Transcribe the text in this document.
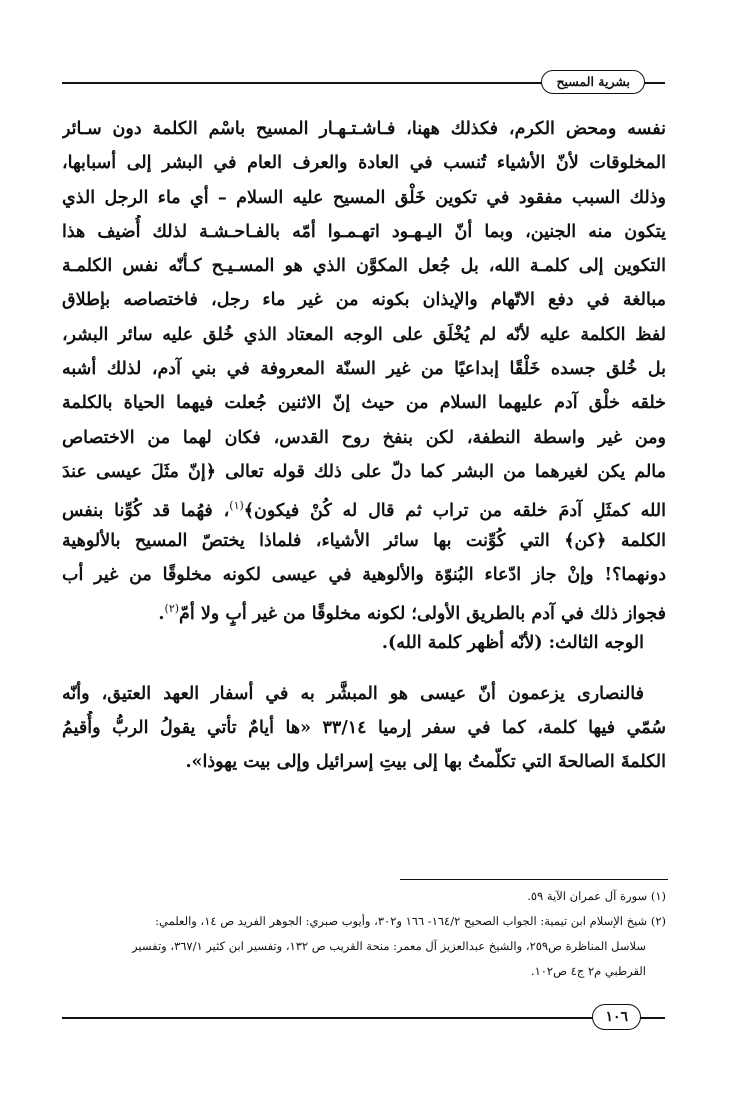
بشرية المسيح
نفسه ومحض الكرم، فكذلك ههنا، فـاشـتـهـار المسيح باسْم الكلمة دون سـائر
المخلوقات لأنّ الأشياء تُنسب في العادة والعرف العام في البشر إلى أسبابها،
وذلك السبب مفقود في تكوين خَلْق المسيح عليه السلام – أي ماء الرجل الذي
يتكون منه الجنين، وبما أنّ اليـهـود اتهـمـوا أمّه بالفـاحـشـة لذلك أُضيف هذا
التكوين إلى كلمـة الله، بل جُعل المكوَّن الذي هو المسـيـح كـأنّه نفس الكلمـة
مبالغة في دفع الاتّهام والإيذان بكونه من غير ماء رجل، فاختصاصه بإطلاق
لفظ الكلمة عليه لأنّه لم يُخْلَق على الوجه المعتاد الذي خُلق عليه سائر البشر،
بل خُلق جسده خَلْقًا إبداعيًا من غير السنّة المعروفة في بني آدم، لذلك أشبه
خلقه خلْق آدم عليهما السلام من حيث إنّ الاثنين جُعلت فيهما الحياة بالكلمة
ومن غير واسطة النطفة، لكن بنفخ روح القدس، فكان لهما من الاختصاص
مالم يكن لغيرهما من البشر كما دلّ على ذلك قوله تعالى ﴿إنّ مثَلَ عيسى عندَ
الله كمثَلِ آدمَ خلقه من تراب ثم قال له كُنْ فيكون﴾$^{(١)}$، فهُما قد كُوِّنا بنفس
الكلمة ﴿كن﴾ التي كُوِّنت بها سائر الأشياء، فلماذا يختصّ المسيح بالألوهية
دونهما؟! وإنْ جاز ادّعاء البُنوّة والألوهية في عيسى لكونه مخلوقًا من غير أب
فجواز ذلك في آدم بالطريق الأولى؛ لكونه مخلوقًا من غير أبٍ ولا أمّ$^{(٢)}$.
الوجه الثالث: (لأنّه أظهر كلمة الله).
فالنصارى يزعمون أنّ عيسى هو المبشَّر به في أسفار العهد العتيق، وأنّه
سُمّي فيها كلمة، كما في سفر إرميا ٣٣/١٤ «ها أيامٌ تأتي يقولُ الربُّ وأُقيمُ
الكلمةَ الصالحةَ التي تكلّمتُ بها إلى بيتِ إسرائيل وإلى بيت يهوذا».
(١) سورة آل عمران الآية ٥٩.
(٢) شيخ الإسلام ابن تيمية: الجواب الصحيح ١٦٤/٢- ١٦٦ و٣٠٢، وأيوب صبري: الجوهر الفريد ص ١٤، والعلمي:
سلاسل المناظرة ص٢٥٩، والشيخ عبدالعزيز آل معمر: منحة القريب ص ١٣٢، وتفسير ابن كثير ٣٦٧/١، وتفسير
القرطبي م٢ ج٤ ص١٠٢.
١٠٦
